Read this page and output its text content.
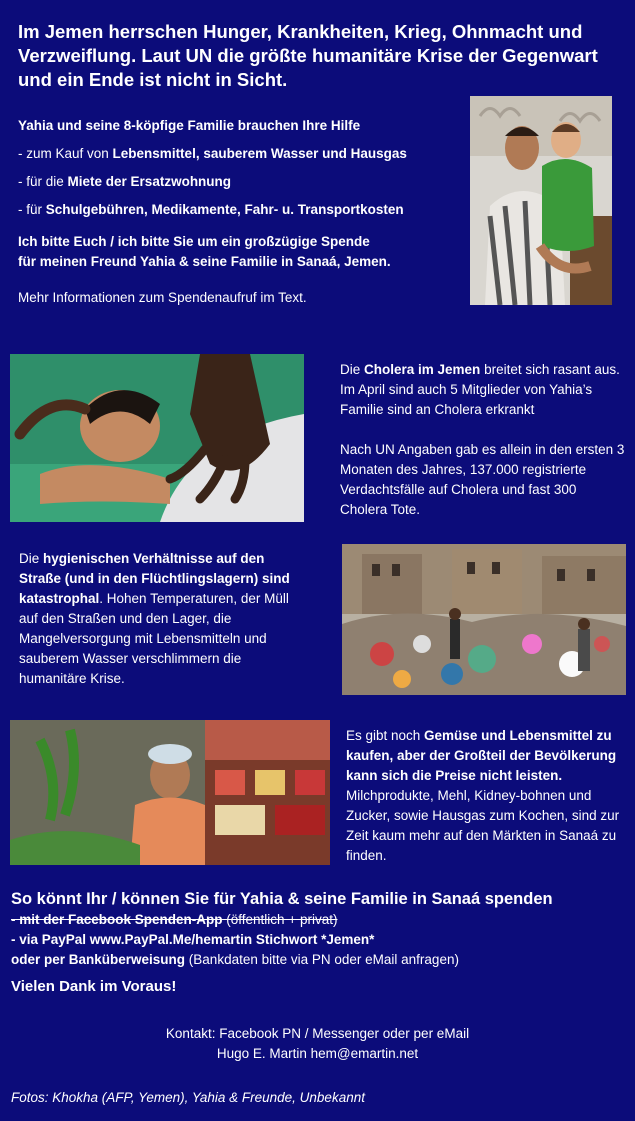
Im Jemen herrschen Hunger, Krankheiten, Krieg, Ohnmacht und Verzweiflung. Laut UN die größte humanitäre Krise der Gegenwart und ein Ende ist nicht in Sicht.
Yahia und seine 8-köpfige Familie brauchen Ihre Hilfe
- zum Kauf von Lebensmittel, sauberem Wasser und Hausgas
- für die Miete der Ersatzwohnung
- für Schulgebühren, Medikamente, Fahr- u. Transportkosten
Ich bitte Euch / ich bitte Sie um ein großzügige Spende
für meinen Freund Yahia & seine Familie in Sanaá, Jemen.
Mehr Informationen zum Spendenaufruf im Text.

Die Cholera im Jemen breitet sich rasant aus. Im April sind auch 5 Mitglieder von Yahia’s Familie sind an Cholera erkrankt

Nach UN Angaben gab es allein in den ersten 3 Monaten des Jahres, 137.000 registrierte Verdachtsfälle auf Cholera und fast 300 Cholera Tote.

Die hygienischen Verhältnisse auf den Straße (und in den Flüchtlingslagern) sind katastrophal. Hohen Temperaturen, der Müll auf den Straßen und den Lager, die Mangelversorgung mit Lebensmitteln und sauberem Wasser verschlimmern die humanitäre Krise.

Es gibt noch Gemüse und Lebensmittel zu kaufen, aber der Großteil der Bevölkerung kann sich die Preise nicht leisten. Milchprodukte, Mehl, Kidney-bohnen und Zucker, sowie Hausgas zum Kochen, sind zur Zeit kaum mehr auf den Märkten in Sanaá zu finden.

So könnt Ihr / können Sie für Yahia & seine Familie in Sanaá spenden
- mit der Facebook Spenden-App (öffentlich + privat)
- via PayPal www.PayPal.Me/hemartin Stichwort *Jemen*
oder per Banküberweisung (Bankdaten bitte via PN oder eMail anfragen)
Vielen Dank im Voraus!
Kontakt: Facebook PN / Messenger oder per eMail
Hugo E. Martin hem@emartin.net
Fotos: Khokha (AFP, Yemen), Yahia & Freunde, Unbekannt
